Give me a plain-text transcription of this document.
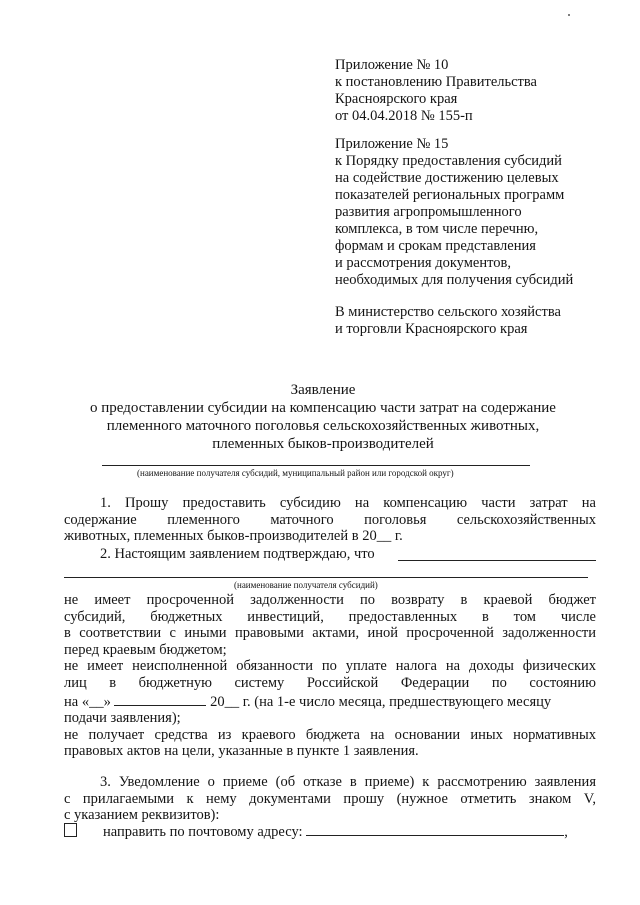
Приложение № 10
к постановлению Правительства
Красноярского края
от 04.04.2018 № 155-п
Приложение № 15
к Порядку предоставления субсидий
на содействие достижению целевых
показателей региональных программ
развития агропромышленного
комплекса, в том числе перечню,
формам и срокам представления
и рассмотрения документов,
необходимых для получения субсидий
В министерство сельского хозяйства
и торговли Красноярского края
Заявление
о предоставлении субсидии на компенсацию части затрат на содержание
племенного маточного поголовья сельскохозяйственных животных,
племенных быков-производителей
(наименование получателя субсидий, муниципальный район или городской округ)
1. Прошу предоставить субсидию на компенсацию части затрат на
содержание племенного маточного поголовья сельскохозяйственных
животных, племенных быков-производителей в 20__ г.
2. Настоящим заявлением подтверждаю, что
(наименование получателя субсидий)
не имеет просроченной задолженности по возврату в краевой бюджет
субсидий, бюджетных инвестиций, предоставленных в том числе
в соответствии с иными правовыми актами, иной просроченной задолженности
перед краевым бюджетом;
не имеет неисполненной обязанности по уплате налога на доходы физических
лиц в бюджетную систему Российской Федерации по состоянию
на «__»	20__ г. (на 1-е число месяца, предшествующего месяцу
подачи заявления);
не получает средства из краевого бюджета на основании иных нормативных
правовых актов на цели, указанные в пункте 1 заявления.
3. Уведомление о приеме (об отказе в приеме) к рассмотрению заявления
с прилагаемыми к нему документами прошу (нужное отметить знаком V,
с указанием реквизитов):
направить по почтовому адресу:	,
